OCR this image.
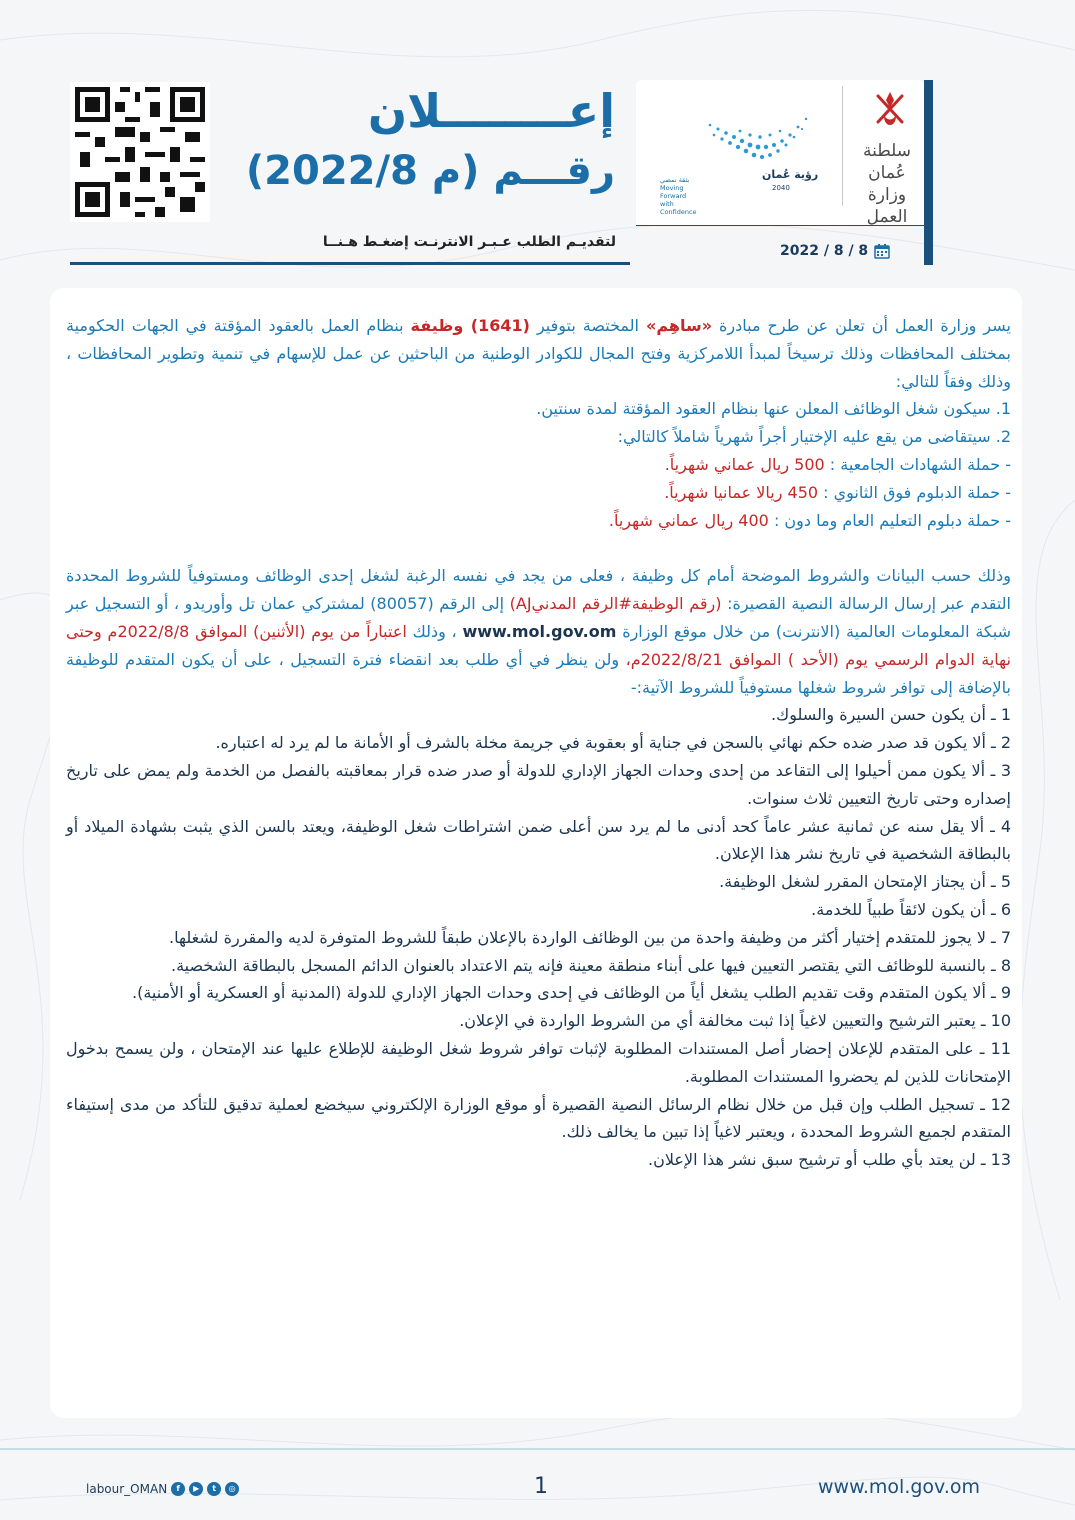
إعــــــــلان
رقـــم (م 2022/8)
لتقديـم الطلب عـبـر الانترنـت إضغـط هـنــا
سلطنة عُمان
وزارة العمل
رؤية عُمان
2040
بثقة نمضي
Moving Forward
with Confidence
2022 / 8 / 8

يسر وزارة العمل أن تعلن عن طرح مبادرة «ساهِم» المختصة بتوفير (1641) وظيفة بنظام العمل بالعقود المؤقتة في الجهات الحكومية بمختلف المحافظات وذلك ترسيخاً لمبدأ اللامركزية وفتح المجال للكوادر الوطنية من الباحثين عن عمل للإسهام في تنمية وتطوير المحافظات ، وذلك وفقاً للتالي:

1. سيكون شغل الوظائف المعلن عنها بنظام العقود المؤقتة لمدة سنتين.

2. سيتقاضى من يقع عليه الإختيار أجراً شهرياً شاملاً كالتالي:

- حملة الشهادات الجامعية : 500 ريال عماني شهرياً.

- حملة الدبلوم فوق الثانوي : 450 ريالا عمانيا شهرياً.

- حملة دبلوم التعليم العام وما دون : 400 ريال عماني شهرياً.

وذلك حسب البيانات والشروط الموضحة أمام كل وظيفة ، فعلى من يجد في نفسه الرغبة لشغل إحدى الوظائف ومستوفياً للشروط المحددة التقدم عبر إرسال الرسالة النصية القصيرة: (رقم الوظيفة#الرقم المدنيAJ) إلى الرقم (80057) لمشتركي عمان تل وأوريدو ، أو التسجيل عبر شبكة المعلومات العالمية (الانترنت) من خلال موقع الوزارة www.mol.gov.om ، وذلك اعتباراً من يوم (الأثنين) الموافق 2022/8/8م وحتى نهاية الدوام الرسمي يوم (الأحد ) الموافق 2022/8/21م، ولن ينظر في أي طلب بعد انقضاء فترة التسجيل ، على أن يكون المتقدم للوظيفة بالإضافة إلى توافر شروط شغلها مستوفياً للشروط الآتية:-

1 ـ أن يكون حسن السيرة والسلوك.

2 ـ ألا يكون قد صدر ضده حكم نهائي بالسجن في جناية أو بعقوبة في جريمة مخلة بالشرف أو الأمانة ما لم يرد له اعتباره.

3 ـ ألا يكون ممن أحيلوا إلى التقاعد من إحدى وحدات الجهاز الإداري للدولة أو صدر ضده قرار بمعاقبته بالفصل من الخدمة ولم يمض على تاريخ إصداره وحتى تاريخ التعيين ثلاث سنوات.

4 ـ ألا يقل سنه عن ثمانية عشر عاماً كحد أدنى ما لم يرد سن أعلى ضمن اشتراطات شغل الوظيفة، ويعتد بالسن الذي يثبت بشهادة الميلاد أو بالبطاقة الشخصية في تاريخ نشر هذا الإعلان.

5 ـ أن يجتاز الإمتحان المقرر لشغل الوظيفة.

6 ـ أن يكون لائقاً طبياً للخدمة.

7 ـ لا يجوز للمتقدم إختيار أكثر من وظيفة واحدة من بين الوظائف الواردة بالإعلان طبقاً للشروط المتوفرة لديه والمقررة لشغلها.

8 ـ بالنسبة للوظائف التي يقتصر التعيين فيها على أبناء منطقة معينة فإنه يتم الاعتداد بالعنوان الدائم المسجل بالبطاقة الشخصية.

9 ـ ألا يكون المتقدم وقت تقديم الطلب يشغل أياً من الوظائف في إحدى وحدات الجهاز الإداري للدولة (المدنية أو العسكرية أو الأمنية).

10 ـ يعتبر الترشيح والتعيين لاغياً إذا ثبت مخالفة أي من الشروط الواردة في الإعلان.

11 ـ على المتقدم للإعلان إحضار أصل المستندات المطلوبة لإثبات توافر شروط شغل الوظيفة للإطلاع عليها عند الإمتحان ، ولن يسمح بدخول الإمتحانات للذين لم يحضروا المستندات المطلوبة.

12 ـ تسجيل الطلب وإن قبل من خلال نظام الرسائل النصية القصيرة أو موقع الوزارة الإلكتروني سيخضع لعملية تدقيق للتأكد من مدى إستيفاء المتقدم لجميع الشروط المحددة ، ويعتبر لاغياً إذا تبين ما يخالف ذلك.

13 ـ لن يعتد بأي طلب أو ترشيح سبق نشر هذا الإعلان.

labour_OMAN	f	▶	t	◎	1	www.mol.gov.om
